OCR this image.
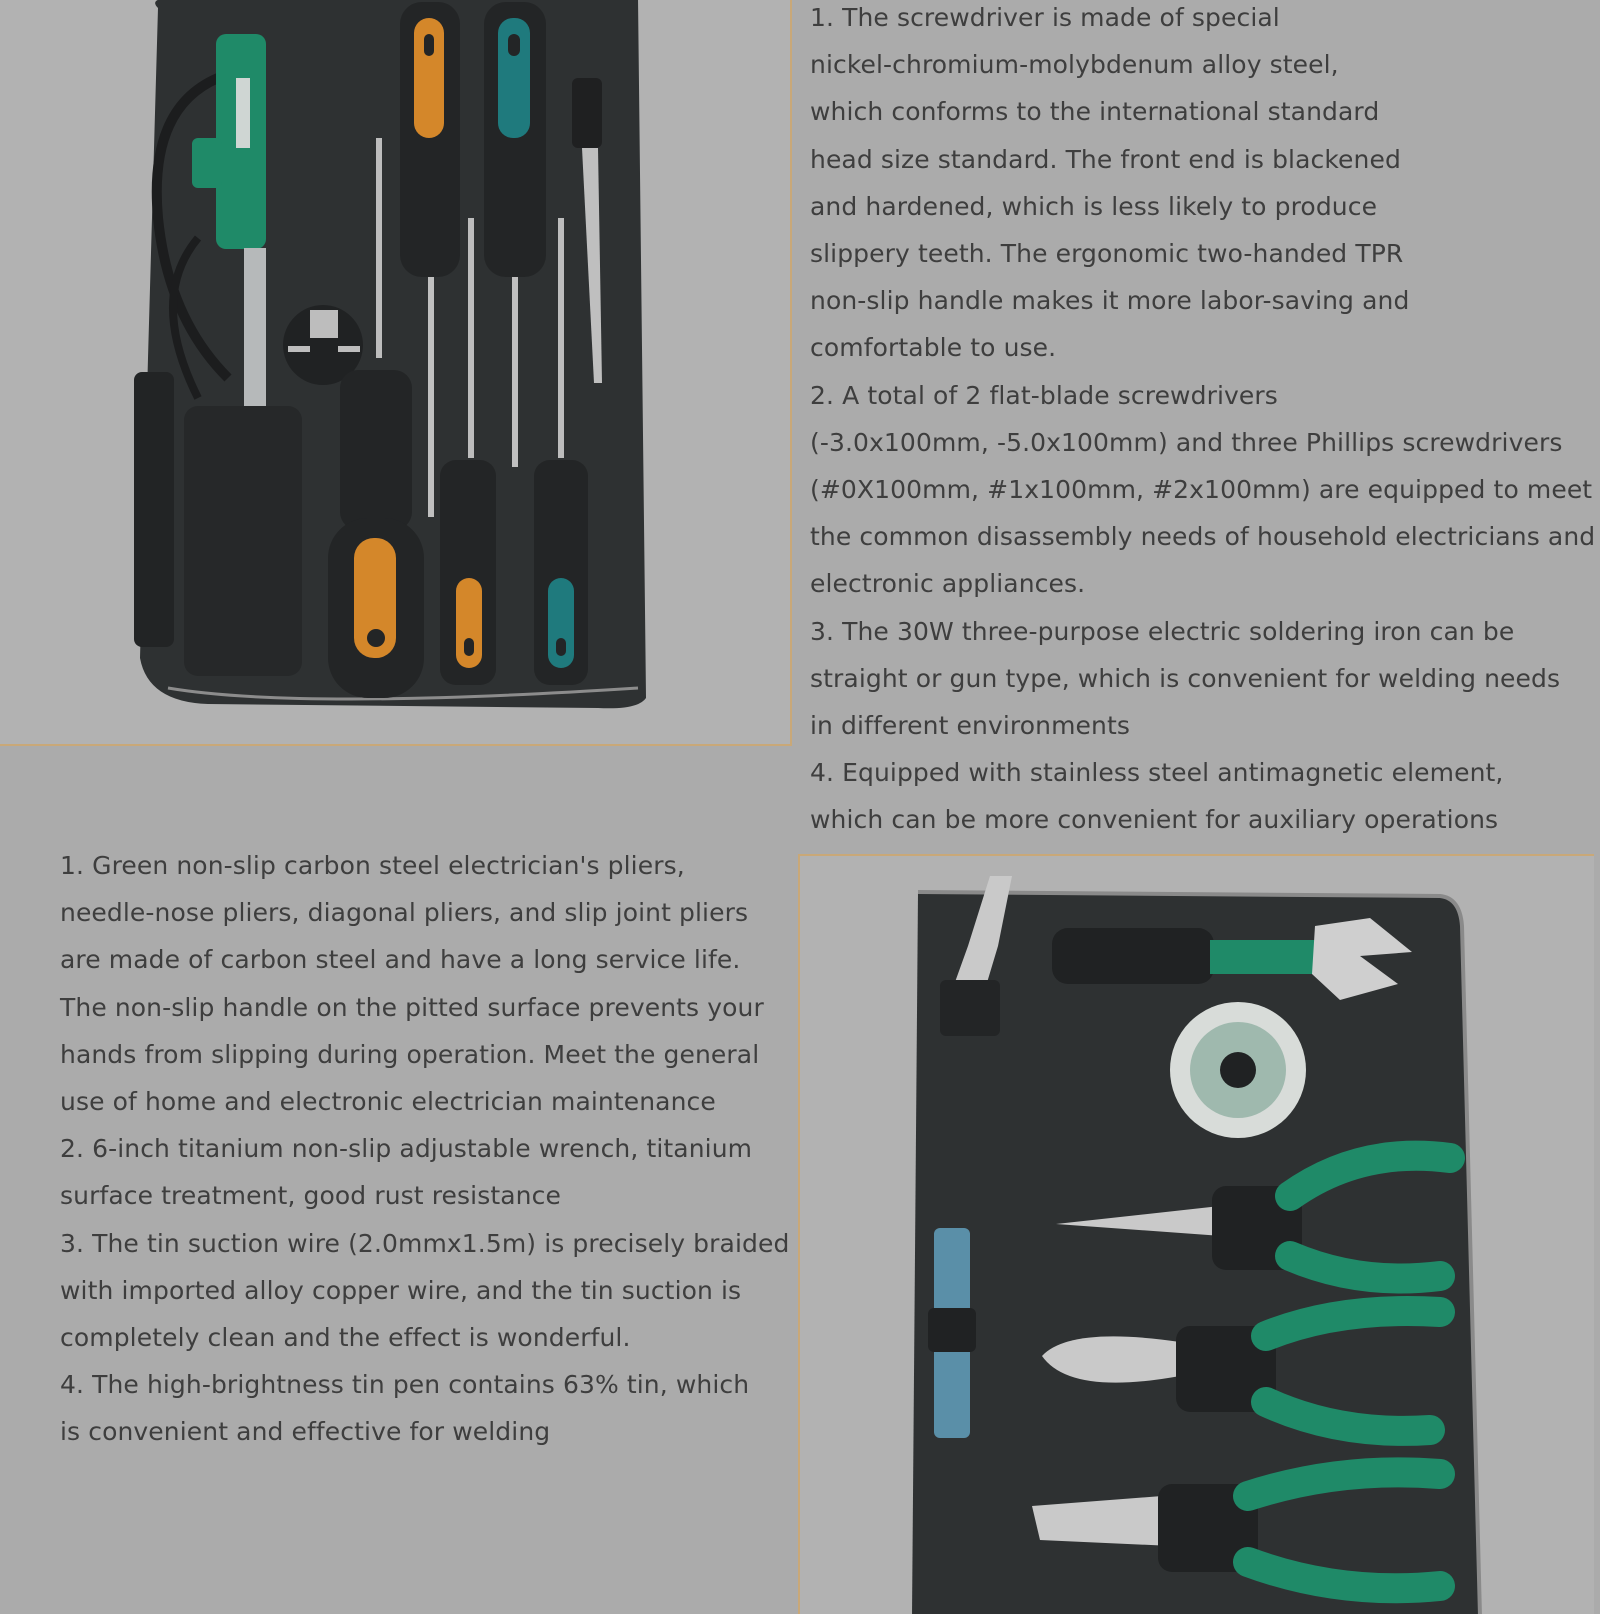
1. The screwdriver is made of special
nickel-chromium-molybdenum alloy steel,
which conforms to the international standard
head size standard. The front end is blackened
and hardened, which is less likely to produce
slippery teeth. The ergonomic two-handed TPR
non-slip handle makes it more labor-saving and
comfortable to use.
2. A total of 2 flat-blade screwdrivers
(-3.0x100mm, -5.0x100mm) and three Phillips screwdrivers
(#0X100mm, #1x100mm, #2x100mm) are equipped to meet
the common disassembly needs of household electricians and
electronic appliances.
3. The 30W three-purpose electric soldering iron can be
straight or gun type, which is convenient for welding needs
in different environments
4. Equipped with stainless steel antimagnetic element,
which can be more convenient for auxiliary operations
1. Green non-slip carbon steel electrician's pliers,
needle-nose pliers, diagonal pliers, and slip joint pliers
are made of carbon steel and have a long service life.
The non-slip handle on the pitted surface prevents your
hands from slipping during operation. Meet the general
use of home and electronic electrician maintenance
2. 6-inch titanium non-slip adjustable wrench, titanium
surface treatment, good rust resistance
3. The tin suction wire (2.0mmx1.5m) is precisely braided
with imported alloy copper wire, and the tin suction is
completely clean and the effect is wonderful.
4. The high-brightness tin pen contains 63% tin, which
is convenient and effective for welding
